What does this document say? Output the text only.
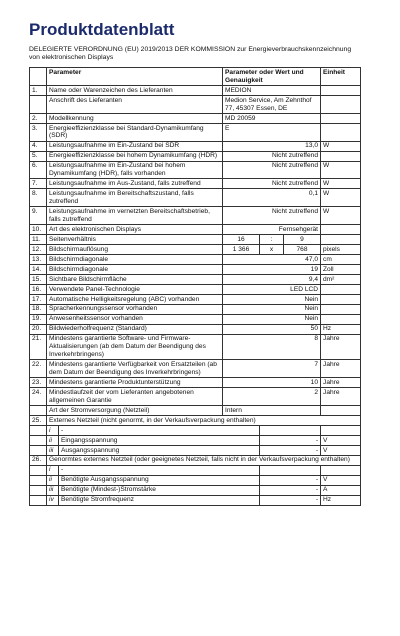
Produktdatenblatt
DELEGIERTE VERORDNUNG (EU) 2019/2013 DER KOMMISSION zur Energieverbrauchskennzeichnung von elektronischen Displays
	Parameter		Parameter oder Wert und Genauigkeit			Einheit
1.	Name oder Warenzeichen des Lieferanten		MEDION			
	Anschrift des Lieferanten		Medion Service, Am Zehnthof 77, 45307 Essen, DE			
2.	Modellkennung		MD 20059			
3.	Energieeffizienzklasse bei Standard-Dynamikumfang (SDR)		E			
4.	Leistungsaufnahme im Ein-Zustand bei SDR		13,0			W
5.	Energieeffizienzklasse bei hohem Dynamikumfang (HDR)		Nicht zutreffend			
6.	Leistungsaufnahme im Ein-Zustand bei hohem Dynamikumfang (HDR), falls vorhanden		Nicht zutreffend			W
7.	Leistungsaufnahme im Aus-Zustand, falls zutreffend		Nicht zutreffend			W
8.	Leistungsaufnahme im Bereitschaftszustand, falls zutreffend		0,1			W
9.	Leistungsaufnahme im vernetzten Bereitschaftsbetrieb, falls zutreffend		Nicht zutreffend			W
10.	Art des elektronischen Displays		Fernsehgerät			
11.	Seitenverhältnis		16	:	9	
12.	Bildschirmauflösung		1 366	x	768	pixels
13.	Bildschirmdiagonale		47,0			cm
14.	Bildschirmdiagonale		19			Zoll
15.	Sichtbare Bildschirmfläche		9,4			dm²
16.	Verwendete Panel-Technologie		LED LCD			
17.	Automatische Helligkeitsregelung (ABC) vorhanden		Nein			
18.	Spracherkennungssensor vorhanden		Nein			
19.	Anwesenheitssensor vorhanden		Nein			
20.	Bildwiederholfrequenz (Standard)		50			Hz
21.	Mindestens garantierte Software- und Firmware-Aktualisierungen (ab dem Datum der Beendigung des Inverkehrbringens)		8			Jahre
22.	Mindestens garantierte Verfügbarkeit von Ersatzteilen (ab dem Datum der Beendigung des Inverkehrbringens)		7			Jahre
23.	Mindestens garantierte Produktunterstützung		10			Jahre
24.	Mindestlaufzeit der vom Lieferanten angebotenen allgemeinen Garantie		2			Jahre
	Art der Stromversorgung (Netzteil)		Intern			
25.	Externes Netzteil (nicht genormt, in der Verkaufsverpackung enthalten)					
	i	-				
	ii	Eingangsspannung		-		V
	iii	Ausgangsspannung		-		V
26.	Genormtes externes Netzteil (oder geeignetes Netzteil, falls nicht in der Verkaufsverpackung enthalten)					
	i	-				
	ii	Benötigte Ausgangsspannung		-		V
	iii	Benötigte (Mindest-)Stromstärke		-		A
	iv	Benötigte Stromfrequenz		-		Hz
